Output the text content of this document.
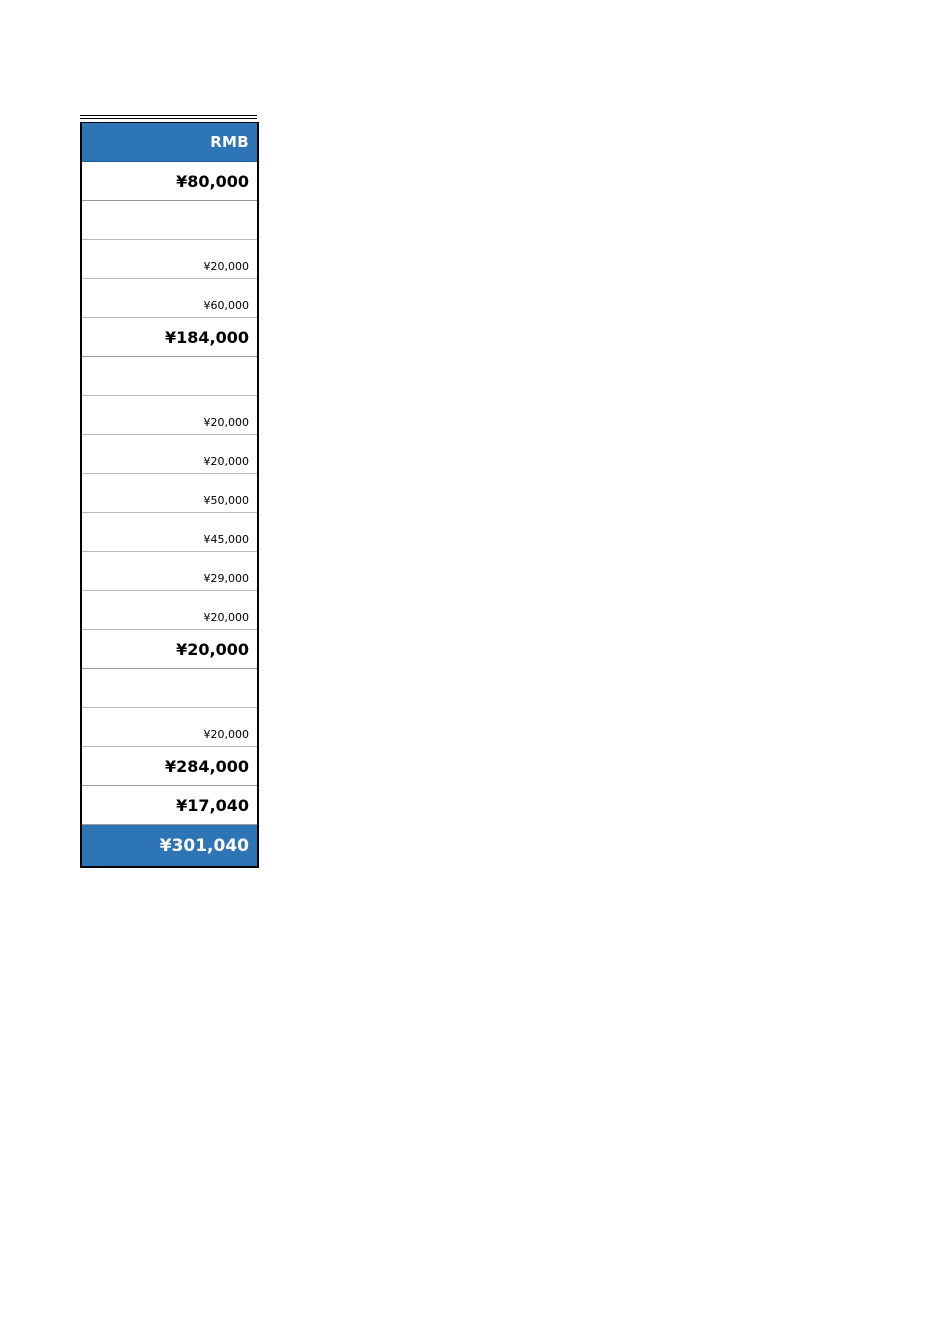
RMB
¥80,000
¥20,000
¥60,000
¥184,000
¥20,000
¥20,000
¥50,000
¥45,000
¥29,000
¥20,000
¥20,000
¥20,000
¥284,000
¥17,040
¥301,040
